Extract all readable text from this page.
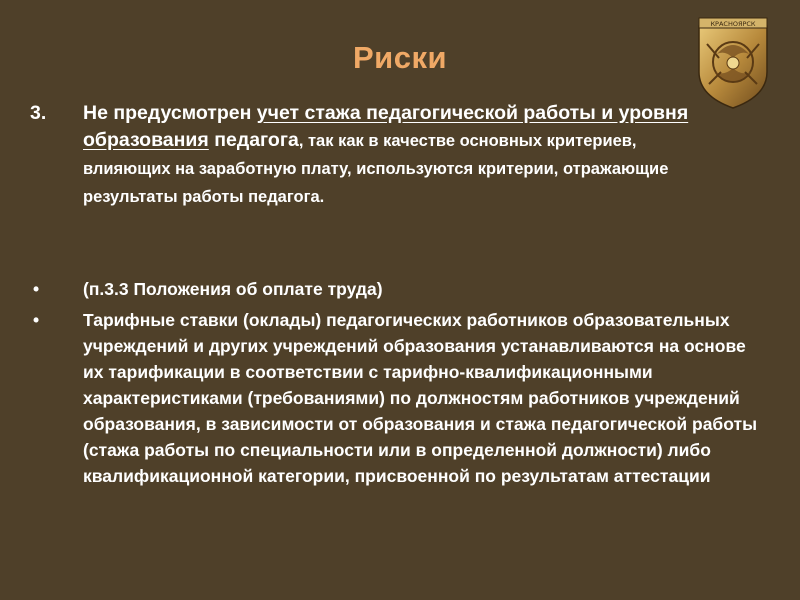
Риски
КРАСНОЯРСК
3. Не предусмотрен учет стажа педагогической работы и уровня образования педагога, так как в качестве основных критериев, влияющих на заработную плату, используются критерии, отражающие результаты работы педагога.
•	(п.3.3 Положения об оплате труда)
•	Тарифные ставки (оклады) педагогических работников образовательных учреждений и других учреждений образования устанавливаются на основе их тарификации в соответствии с тарифно-квалификационными характеристиками (требованиями) по должностям работников учреждений образования, в зависимости от образования и стажа педагогической работы (стажа работы по специальности или в определенной должности) либо квалификационной категории, присвоенной по результатам аттестации
